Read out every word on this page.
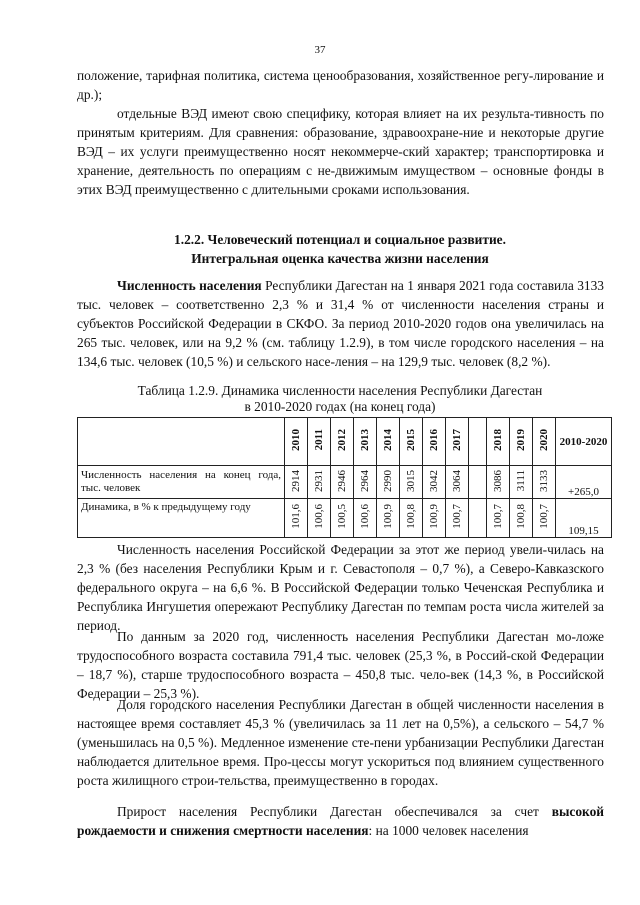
37

положение, тарифная политика, система ценообразования, хозяйственное регу-лирование и др.);

отдельные ВЭД имеют свою специфику, которая влияет на их результа-тивность по принятым критериям. Для сравнения: образование, здравоохране-ние и некоторые другие ВЭД – их услуги преимущественно носят некоммерче-ский характер; транспортировка и хранение, деятельность по операциям с не-движимым имуществом – основные фонды в этих ВЭД преимущественно с длительными сроками использования.

1.2.2. Человеческий потенциал и социальное развитие.
Интегральная оценка качества жизни населения

Численность населения Республики Дагестан на 1 января 2021 года составила 3133 тыс. человек – соответственно 2,3 % и 31,4 % от численности населения страны и субъектов Российской Федерации в СКФО. За период 2010-2020 годов она увеличилась на 265 тыс. человек, или на 9,2 % (см. таблицу 1.2.9), в том числе городского населения – на 134,6 тыс. человек (10,5 %) и сельского насе-ления – на 129,9 тыс. человек (8,2 %).

Таблица 1.2.9. Динамика численности населения Республики Дагестан
в 2010-2020 годах (на конец года)
	2010	2011	2012	2013	2014	2015	2016	2017		2018	2019	2020	2010-2020
Численность населения на конец года, тыс. человек	2914	2931	2946	2964	2990	3015	3042	3064		3086	3111	3133	+265,0
Динамика, в % к предыдущему году	101,6	100,6	100,5	100,6	100,9	100,8	100,9	100,7		100,7	100,8	100,7	109,15

Численность населения Российской Федерации за этот же период увели-чилась на 2,3 % (без населения Республики Крым и г. Севастополя – 0,7 %), а Северо-Кавказского федерального округа – на 6,6 %. В Российской Федерации только Чеченская Республика и Республика Ингушетия опережают Республику Дагестан по темпам роста числа жителей за период.

По данным за 2020 год, численность населения Республики Дагестан мо-ложе трудоспособного возраста составила 791,4 тыс. человек (25,3 %, в Россий-ской Федерации – 18,7 %), старше трудоспособного возраста – 450,8 тыс. чело-век (14,3 %, в Российской Федерации – 25,3 %).

Доля городского населения Республики Дагестан в общей численности населения в настоящее время составляет 45,3 % (увеличилась за 11 лет на 0,5%), а сельского – 54,7 % (уменьшилась на 0,5 %). Медленное изменение сте-пени урбанизации Республики Дагестан наблюдается длительное время. Про-цессы могут ускориться под влиянием существенного роста жилищного строи-тельства, преимущественно в городах.

Прирост населения Республики Дагестан обеспечивался за счет высокой рождаемости и снижения смертности населения: на 1000 человек населения
